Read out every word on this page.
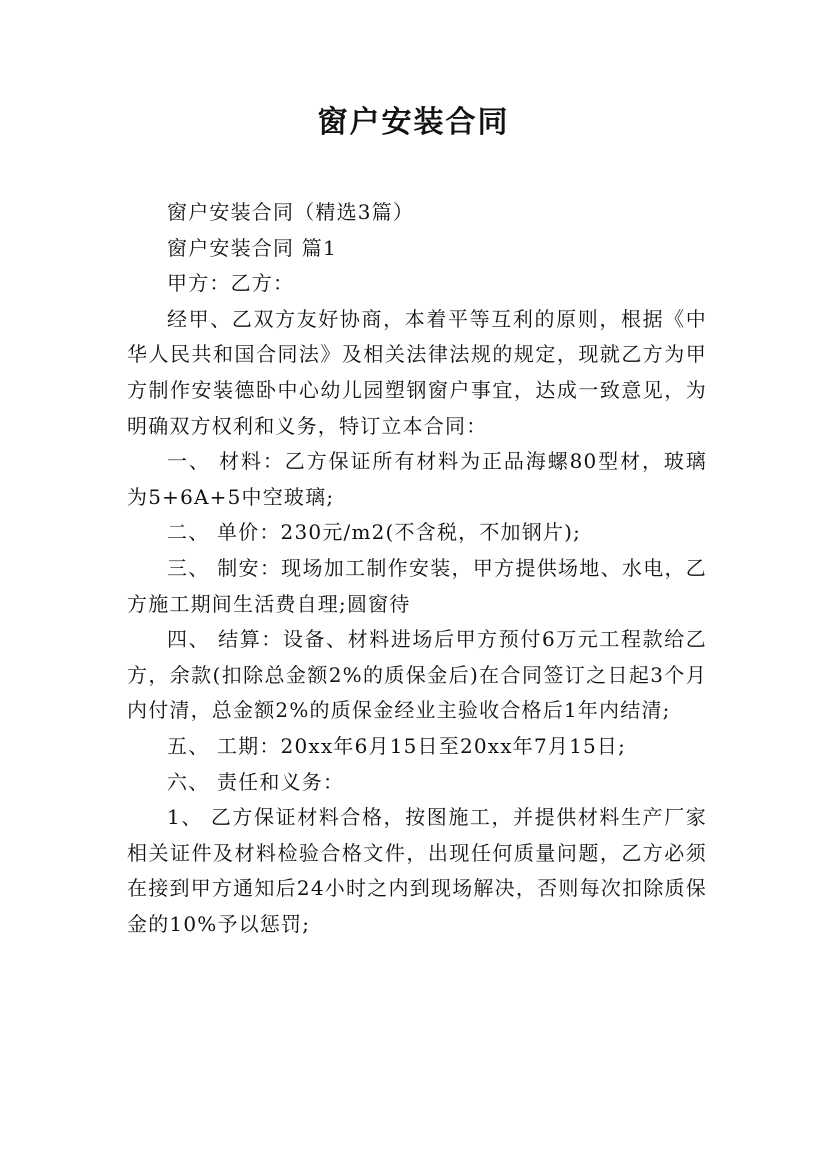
窗户安装合同

窗户安装合同（精选3篇）

窗户安装合同 篇1

甲方：乙方：

经甲、乙双方友好协商，本着平等互利的原则，根据《中华人民共和国合同法》及相关法律法规的规定，现就乙方为甲方制作安装德卧中心幼儿园塑钢窗户事宜，达成一致意见，为明确双方权利和义务，特订立本合同：

一、 材料：乙方保证所有材料为正品海螺80型材，玻璃为5+6A+5中空玻璃;

二、 单价：230元/m2(不含税，不加钢片);

三、 制安：现场加工制作安装，甲方提供场地、水电，乙方施工期间生活费自理;圆窗待

四、 结算：设备、材料进场后甲方预付6万元工程款给乙方，余款(扣除总金额2%的质保金后)在合同签订之日起3个月内付清，总金额2%的质保金经业主验收合格后1年内结清;

五、 工期：20xx年6月15日至20xx年7月15日;

六、 责任和义务：

1、 乙方保证材料合格，按图施工，并提供材料生产厂家相关证件及材料检验合格文件，出现任何质量问题，乙方必须在接到甲方通知后24小时之内到现场解决，否则每次扣除质保金的10%予以惩罚;
